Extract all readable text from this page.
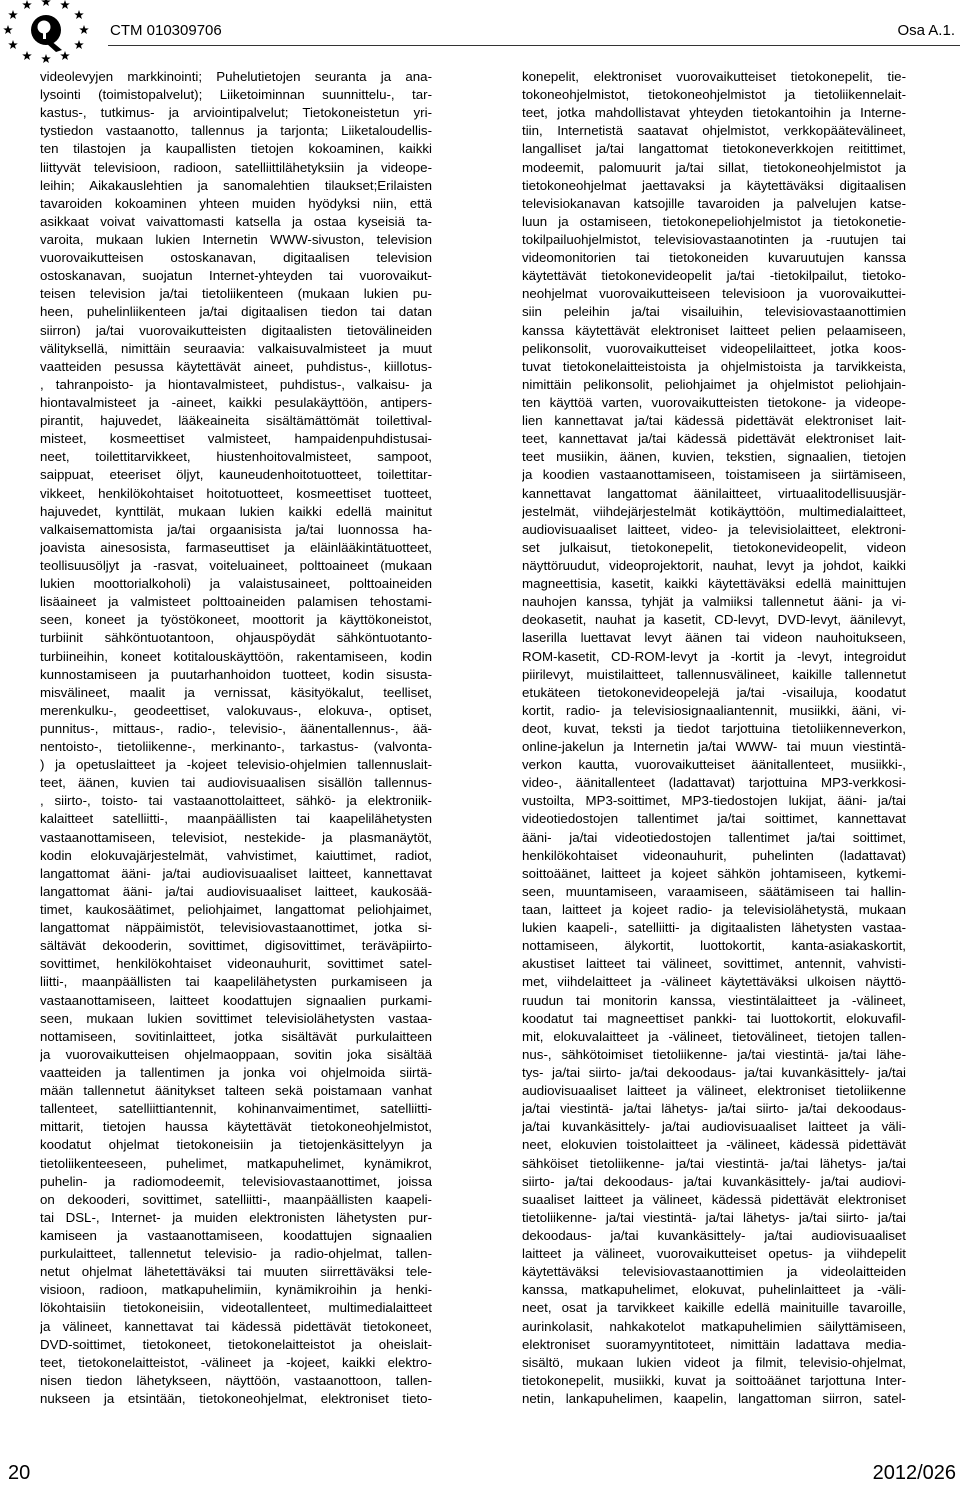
CTM 010309706	Osa A.1.
videolevyjen markkinointi; Puhelutietojen seuranta ja ana-
lysointi (toimistopalvelut); Liiketoiminnan suunnittelu-, tar-
kastus-, tutkimus- ja arviointipalvelut; Tietokoneistetun yri-
tystiedon vastaanotto, tallennus ja tarjonta; Liiketaloudellis-
ten tilastojen ja kaupallisten tietojen kokoaminen, kaikki
liittyvät televisioon, radioon, satelliittilähetyksiin ja videope-
leihin; Aikakauslehtien ja sanomalehtien tilaukset;Erilaisten
tavaroiden kokoaminen yhteen muiden hyödyksi niin, että
asikkaat voivat vaivattomasti katsella ja ostaa kyseisiä ta-
varoita, mukaan lukien Internetin WWW-sivuston, television
vuorovaikutteisen ostoskanavan, digitaalisen television
ostoskanavan, suojatun Internet-yhteyden tai vuorovaikut-
teisen television ja/tai tietoliikenteen (mukaan lukien pu-
heen, puhelinliikenteen ja/tai digitaalisen tiedon tai datan
siirron) ja/tai vuorovaikutteisten digitaalisten tietovälineiden
välityksellä, nimittäin seuraavia: valkaisuvalmisteet ja muut
vaatteiden pesussa käytettävät aineet, puhdistus-, kiillotus-
, tahranpoisto- ja hiontavalmisteet, puhdistus-, valkaisu- ja
hiontavalmisteet ja -aineet, kaikki pesulakäyttöön, antipers-
pirantit, hajuvedet, lääkeaineita sisältämättömät toilettival-
misteet, kosmeettiset valmisteet, hampaidenpuhdistusai-
neet, toilettitarvikkeet, hiustenhoitovalmisteet, sampoot,
saippuat, eteeriset öljyt, kauneudenhoitotuotteet, toilettitar-
vikkeet, henkilökohtaiset hoitotuotteet, kosmeettiset tuotteet,
hajuvedet, kynttilät, mukaan lukien kaikki edellä mainitut
valkaisemattomista ja/tai orgaanisista ja/tai luonnossa ha-
joavista ainesosista, farmaseuttiset ja eläinlääkintätuotteet,
teollisuusöljyt ja -rasvat, voiteluaineet, polttoaineet (mukaan
lukien moottorialkoholi) ja valaistusaineet, polttoaineiden
lisäaineet ja valmisteet polttoaineiden palamisen tehostami-
seen, koneet ja työstökoneet, moottorit ja käyttökoneistot,
turbiinit sähköntuotantoon, ohjauspöydät sähköntuotanto-
turbiineihin, koneet kotitalouskäyttöön, rakentamiseen, kodin
kunnostamiseen ja puutarhanhoidon tuotteet, kodin sisusta-
misvälineet, maalit ja vernissat, käsityökalut, teelliset,
merenkulku-, geodeettiset, valokuvaus-, elokuva-, optiset,
punnitus-, mittaus-, radio-, televisio-, äänentallennus-, ää-
nentoisto-, tietoliikenne-, merkinanto-, tarkastus- (valvonta-
) ja opetuslaitteet ja -kojeet televisio-ohjelmien tallennuslait-
teet, äänen, kuvien tai audiovisuaalisen sisällön tallennus-
, siirto-, toisto- tai vastaanottolaitteet, sähkö- ja elektroniik-
kalaitteet satelliitti-, maanpäällisten tai kaapelilähetysten
vastaanottamiseen, televisiot, nestekide- ja plasmanäytöt,
kodin elokuvajärjestelmät, vahvistimet, kaiuttimet, radiot,
langattomat ääni- ja/tai audiovisuaaliset laitteet, kannettavat
langattomat ääni- ja/tai audiovisuaaliset laitteet, kaukosää-
timet, kaukosäätimet, peliohjaimet, langattomat peliohjaimet,
langattomat näppäimistöt, televisiovastaanottimet, jotka si-
sältävät dekooderin, sovittimet, digisovittimet, teräväpiirto-
sovittimet, henkilökohtaiset videonauhurit, sovittimet satel-
liitti-, maanpäällisten tai kaapelilähetysten purkamiseen ja
vastaanottamiseen, laitteet koodattujen signaalien purkami-
seen, mukaan lukien sovittimet televisiolähetysten vastaa-
nottamiseen, sovitinlaitteet, jotka sisältävät purkulaitteen
ja vuorovaikutteisen ohjelmaoppaan, sovitin joka sisältää
vaatteiden ja tallentimen ja jonka voi ohjelmoida siirtä-
mään tallennetut äänitykset talteen sekä poistamaan vanhat
tallenteet, satelliittiantennit, kohinanvaimentimet, satelliitti-
mittarit, tietojen haussa käytettävät tietokoneohjelmistot,
koodatut ohjelmat tietokoneisiin ja tietojenkäsittelyyn ja
tietoliikenteeseen, puhelimet, matkapuhelimet, kynämikrot,
puhelin- ja radiomodeemit, televisiovastaanottimet, joissa
on dekooderi, sovittimet, satelliitti-, maanpäällisten kaapeli-
tai DSL-, Internet- ja muiden elektronisten lähetysten pur-
kamiseen ja vastaanottamiseen, koodattujen signaalien
purkulaitteet, tallennetut televisio- ja radio-ohjelmat, tallen-
netut ohjelmat lähetettäväksi tai muuten siirrettäväksi tele-
visioon, radioon, matkapuhelimiin, kynämikroihin ja henki-
lökohtaisiin tietokoneisiin, videotallenteet, multimedialaitteet
ja välineet, kannettavat tai kädessä pidettävät tietokoneet,
DVD-soittimet, tietokoneet, tietokonelaitteistot ja oheislait-
teet, tietokonelaitteistot, -välineet ja -kojeet, kaikki elektro-
nisen tiedon lähetykseen, näyttöön, vastaanottoon, tallen-
nukseen ja etsintään, tietokoneohjelmat, elektroniset tieto-
konepelit, elektroniset vuorovaikutteiset tietokonepelit, tie-
tokoneohjelmistot, tietokoneohjelmistot ja tietoliikennelait-
teet, jotka mahdollistavat yhteyden tietokantoihin ja Interne-
tiin, Internetistä saatavat ohjelmistot, verkkopäätevälineet,
langalliset ja/tai langattomat tietokoneverkkojen reitittimet,
modeemit, palomuurit ja/tai sillat, tietokoneohjelmistot ja
tietokoneohjelmat jaettavaksi ja käytettäväksi digitaalisen
televisiokanavan katsojille tavaroiden ja palvelujen katse-
luun ja ostamiseen, tietokonepeliohjelmistot ja tietokonetie-
tokilpailuohjelmistot, televisiovastaanotinten ja -ruutujen tai
videomonitorien tai tietokoneiden kuvaruutujen kanssa
käytettävät tietokonevideopelit ja/tai -tietokilpailut, tietoko-
neohjelmat vuorovaikutteiseen televisioon ja vuorovaikuttei-
siin peleihin ja/tai visailuihin, televisiovastaanottimien
kanssa käytettävät elektroniset laitteet pelien pelaamiseen,
pelikonsolit, vuorovaikutteiset videopelilaitteet, jotka koos-
tuvat tietokonelaitteistoista ja ohjelmistoista ja tarvikkeista,
nimittäin pelikonsolit, peliohjaimet ja ohjelmistot peliohjain-
ten käyttöä varten, vuorovaikutteisten tietokone- ja videope-
lien kannettavat ja/tai kädessä pidettävät elektroniset lait-
teet, kannettavat ja/tai kädessä pidettävät elektroniset lait-
teet musiikin, äänen, kuvien, tekstien, signaalien, tietojen
ja koodien vastaanottamiseen, toistamiseen ja siirtämiseen,
kannettavat langattomat äänilaitteet, virtuaalitodellisuusjär-
jestelmät, viihdejärjestelmät kotikäyttöön, multimedialaitteet,
audiovisuaaliset laitteet, video- ja televisiolaitteet, elektroni-
set julkaisut, tietokonepelit, tietokonevideopelit, videon
näyttöruudut, videoprojektorit, nauhat, levyt ja johdot, kaikki
magneettisia, kasetit, kaikki käytettäväksi edellä mainittujen
nauhojen kanssa, tyhjät ja valmiiksi tallennetut ääni- ja vi-
deokasetit, nauhat ja kasetit, CD-levyt, DVD-levyt, äänilevyt,
laserilla luettavat levyt äänen tai videon nauhoitukseen,
ROM-kasetit, CD-ROM-levyt ja -kortit ja -levyt, integroidut
piirilevyt, muistilaitteet, tallennusvälineet, kaikille tallennetut
etukäteen tietokonevideopelejä ja/tai -visailuja, koodatut
kortit, radio- ja televisiosignaaliantennit, musiikki, ääni, vi-
deot, kuvat, teksti ja tiedot tarjottuina tietoliikenneverkon,
online-jakelun ja Internetin ja/tai WWW- tai muun viestintä-
verkon kautta, vuorovaikutteiset äänitallenteet, musiikki-,
video-, äänitallenteet (ladattavat) tarjottuina MP3-verkkosi-
vustoilta, MP3-soittimet, MP3-tiedostojen lukijat, ääni- ja/tai
videotiedostojen tallentimet ja/tai soittimet, kannettavat
ääni- ja/tai videotiedostojen tallentimet ja/tai soittimet,
henkilökohtaiset videonauhurit, puhelinten (ladattavat)
soittoäänet, laitteet ja kojeet sähkön johtamiseen, kytkemi-
seen, muuntamiseen, varaamiseen, säätämiseen tai hallin-
taan, laitteet ja kojeet radio- ja televisiolähetystä, mukaan
lukien kaapeli-, satelliitti- ja digitaalisten lähetysten vastaa-
nottamiseen, älykortit, luottokortit, kanta-asiakaskortit,
akustiset laitteet tai välineet, sovittimet, antennit, vahvisti-
met, viihdelaitteet ja -välineet käytettäväksi ulkoisen näyttö-
ruudun tai monitorin kanssa, viestintälaitteet ja -välineet,
koodatut tai magneettiset pankki- tai luottokortit, elokuvafil-
mit, elokuvalaitteet ja -välineet, tietovälineet, tietojen tallen-
nus-, sähkötoimiset tietoliikenne- ja/tai viestintä- ja/tai lähe-
tys- ja/tai siirto- ja/tai dekoodaus- ja/tai kuvankäsittely- ja/tai
audiovisuaaliset laitteet ja välineet, elektroniset tietoliikenne
ja/tai viestintä- ja/tai lähetys- ja/tai siirto- ja/tai dekoodaus-
ja/tai kuvankäsittely- ja/tai audiovisuaaliset laitteet ja väli-
neet, elokuvien toistolaitteet ja -välineet, kädessä pidettävät
sähköiset tietoliikenne- ja/tai viestintä- ja/tai lähetys- ja/tai
siirto- ja/tai dekoodaus- ja/tai kuvankäsittely- ja/tai audiovi-
suaaliset laitteet ja välineet, kädessä pidettävät elektroniset
tietoliikenne- ja/tai viestintä- ja/tai lähetys- ja/tai siirto- ja/tai
dekoodaus- ja/tai kuvankäsittely- ja/tai audiovisuaaliset
laitteet ja välineet, vuorovaikutteiset opetus- ja viihdepelit
käytettäväksi televisiovastaanottimien ja videolaitteiden
kanssa, matkapuhelimet, elokuvat, puhelinlaitteet ja -väli-
neet, osat ja tarvikkeet kaikille edellä mainituille tavaroille,
aurinkolasit, nahkakotelot matkapuhelimien säilyttämiseen,
elektroniset suoramyyntitoteet, nimittäin ladattava media-
sisältö, mukaan lukien videot ja filmit, televisio-ohjelmat,
tietokonepelit, musiikki, kuvat ja soittoäänet tarjottuna Inter-
netin, lankapuhelimen, kaapelin, langattoman siirron, satel-
20	2012/026
